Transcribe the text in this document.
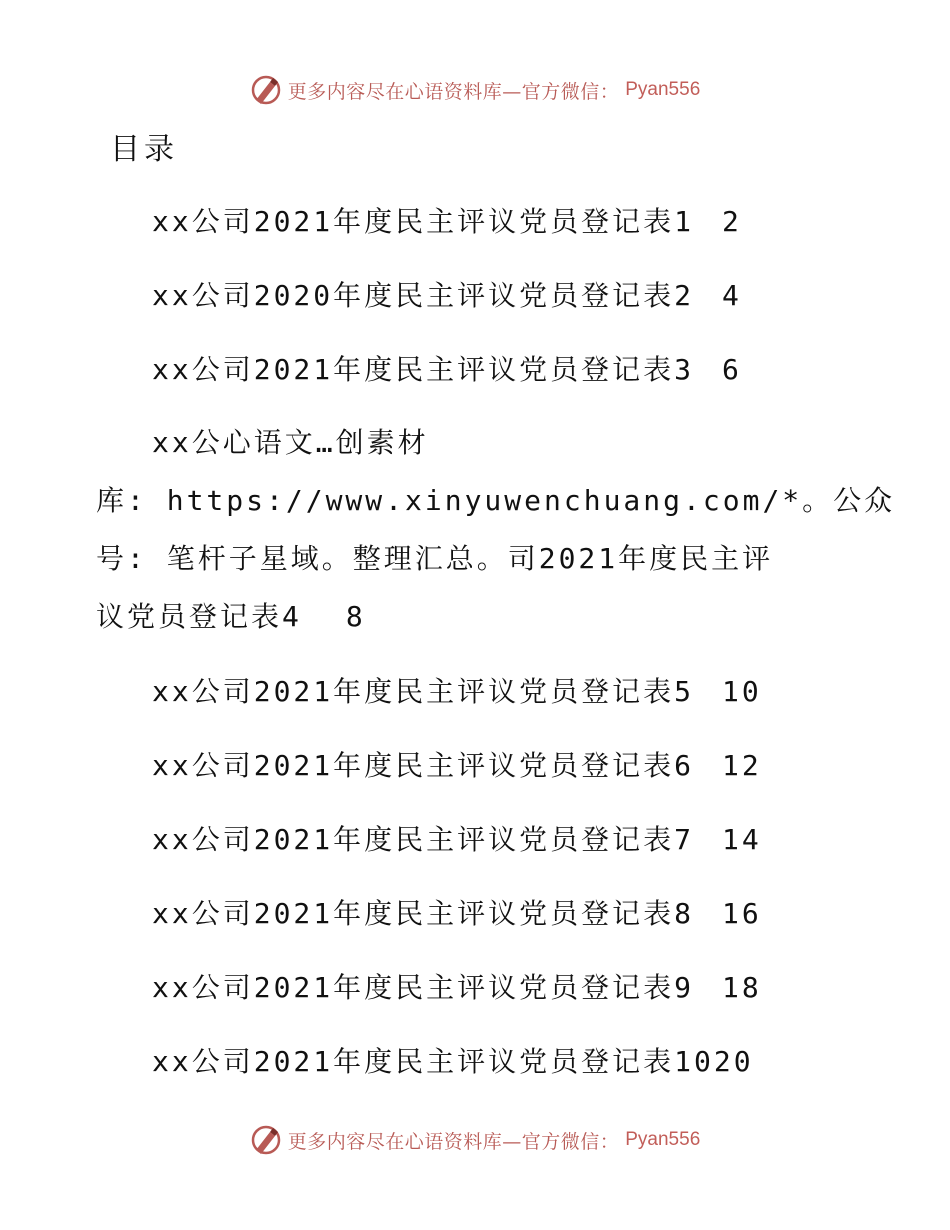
更多内容尽在心语资料库—官方微信： Pyan556
目录
xx公司2021年度民主评议党员登记表1 2
xx公司2020年度民主评议党员登记表2 4
xx公司2021年度民主评议党员登记表3 6
xx公心语文…创素材
库: https://www.xinyuwenchuang.com/*。公众
号: 笔杆子星域。整理汇总。司2021年度民主评
议党员登记表4 8
xx公司2021年度民主评议党员登记表5 10
xx公司2021年度民主评议党员登记表6 12
xx公司2021年度民主评议党员登记表7 14
xx公司2021年度民主评议党员登记表8 16
xx公司2021年度民主评议党员登记表9 18
xx公司2021年度民主评议党员登记表10 20
更多内容尽在心语资料库—官方微信： Pyan556
